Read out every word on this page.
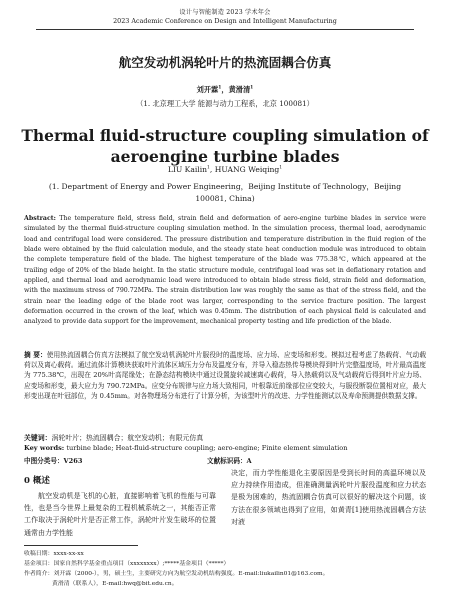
设计与智能制造 2023 学术年会
2023 Academic Conference on Design and Intelligent Manufacturing
航空发动机涡轮叶片的热流固耦合仿真
刘开霖$^1$，黄滑清$^1$
（1. 北京理工大学 能源与动力工程系，北京 100081）
Thermal fluid-structure coupling simulation of
aeroengine turbine blades
LIU Kailin$^1$, HUANG Weiqing$^1$
(1. Department of Energy and Power Engineering，Beijing Institute of Technology，Beijing 100081, China)
Abstract: The temperature field, stress field, strain field and deformation of aero-engine turbine blades in service were simulated by the thermal fluid-structure coupling simulation method. In the simulation process, thermal load, aerodynamic load and centrifugal load were considered. The pressure distribution and temperature distribution in the fluid region of the blade were obtained by the fluid calculation module, and the steady state heat conduction module was introduced to obtain the complete temperature field of the blade. The highest temperature of the blade was 775.38℃, which appeared at the trailing edge of 20% of the blade height. In the static structure module, centrifugal load was set in deflationary rotation and applied, and thermal load and aerodynamic load were introduced to obtain blade stress field, strain field and deformation, with the maximum stress of 790.72MPa. The strain distribution law was roughly the same as that of the stress field, and the strain near the leading edge of the blade root was larger, corresponding to the service fracture position. The largest deformation occurred in the crown of the leaf, which was 0.45mm. The distribution of each physical field is calculated and analyzed to provide data support for the improvement, mechanical property testing and life prediction of the blade.
摘 要：使用热流固耦合仿真方法模拟了航空发动机涡轮叶片服役时的温度场、应力场、应变场和形变。模拟过程考虑了热载荷、气动载荷以及离心载荷。通过流体计算模块获取叶片流体区域压力分布及温度分布，并导入稳态热传导模块得到叶片完整温度场，叶片最高温度为 775.38℃，出现在 20%叶高尾缘处；在静态结构模块中通过设置旋转减速离心载荷，导入热载荷以及气动载荷后得到叶片应力场、应变场和形变，最大应力为 790.72MPa。应变分布规律与应力场大致相同，叶根靠近前缘部位应变较大，与服役断裂位置相对应，最大形变出现在叶冠部位，为 0.45mm。对各物理场分布进行了计算分析，为该型叶片的改进、力学性能测试以及寿命预测提供数据支撑。
关键词：涡轮叶片；热流固耦合；航空发动机；有限元仿真
Key words: turbine blade; Heat-fluid-structure coupling; aero-engine; Finite element simulation
中图分类号：V263	文献标识码：A
0 概述
航空发动机是飞机的心脏，直接影响着飞机的性能与可靠性，也是当今世界上最复杂的工程机械系统之一，其能否正常工作取决于涡轮叶片是否正常工作，涡轮叶片发生破坏的位置通常由力学性能
决定，而力学性能退化主要原因是受到长时间的高温环境以及应力持续作用造成，但准确测量涡轮叶片服役温度和应力状态是极为困难的，热流固耦合仿真可以很好的解决这个问题，该方法在很多领域也得到了应用，如黄青[1]使用热流固耦合方法对液
收稿日期：xxxx-xx-xx
基金项目：国家自然科学基金重点项目（xxxxxxxx）;*****基金项目（*****）
作者简介：刘开霖（2000-），男，硕士生，主要研究方向为航空发动机结构强度。E-mail:liukailin01@163.com。
黄滑清（联系人），E-mail:hwq@bit.edu.cn。
